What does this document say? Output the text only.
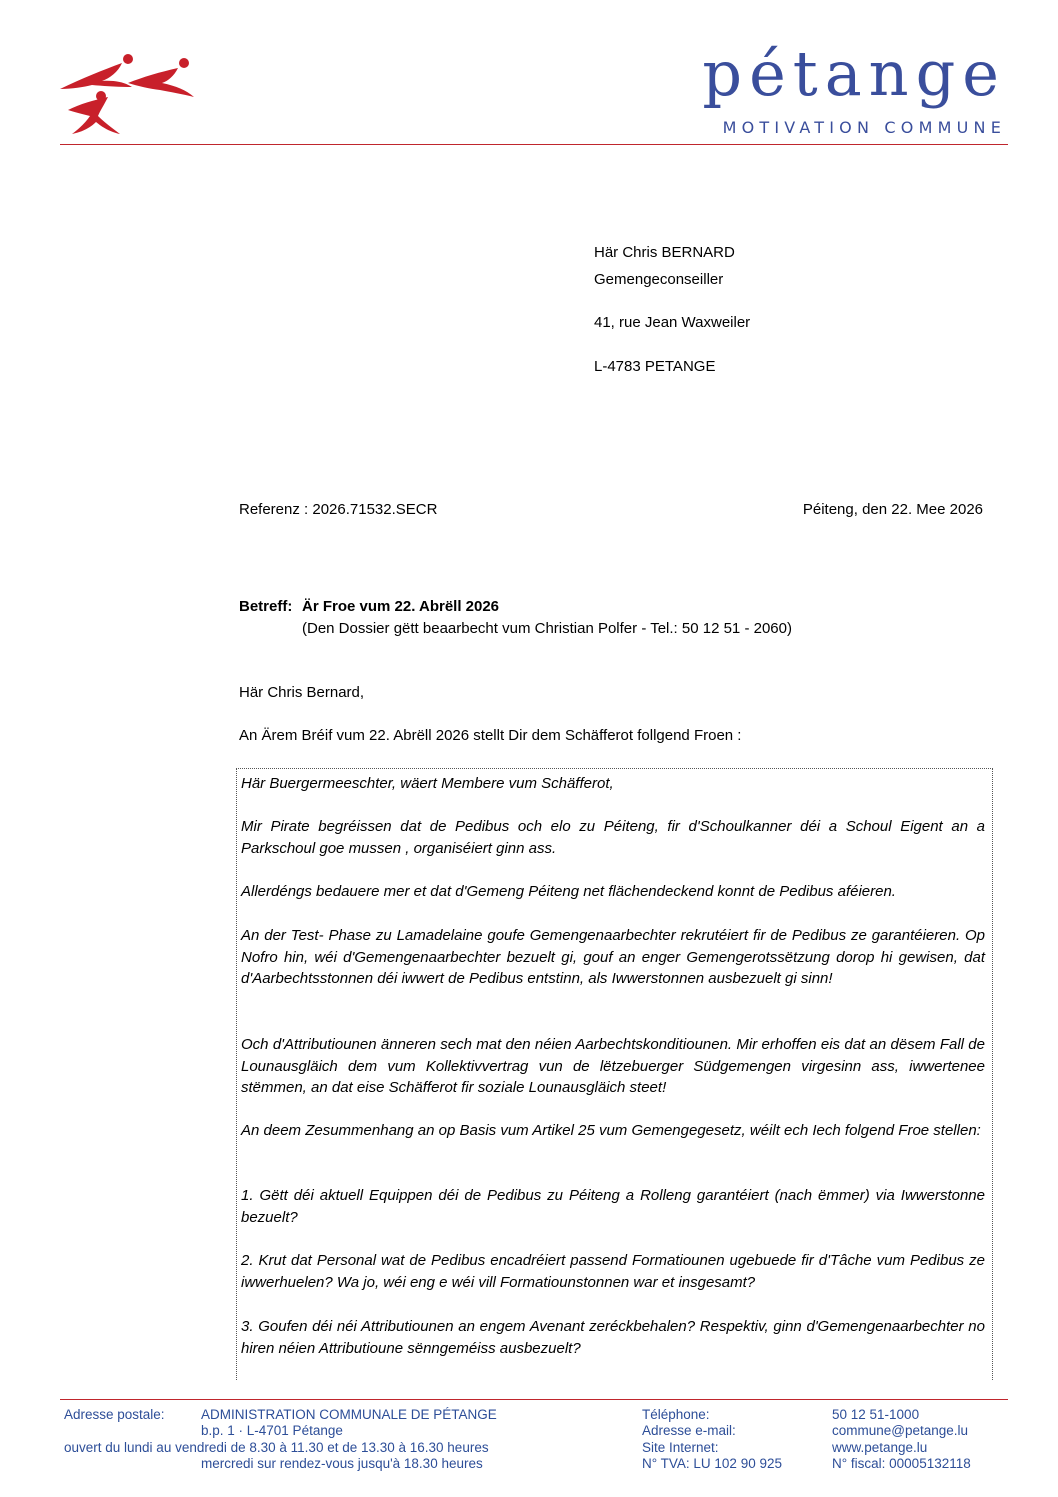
pétange
MOTIVATION COMMUNE
Här Chris BERNARD
Gemengeconseiller
41, rue Jean Waxweiler
L-4783 PETANGE
Referenz : 2026.71532.SECR	Péiteng, den 22. Mee 2026
Betreff: Är Froe vum 22. Abrëll 2026
(Den Dossier gëtt beaarbecht vum Christian Polfer - Tel.: 50 12 51 - 2060)
Här Chris Bernard,
An Ärem Bréif vum 22. Abrëll 2026 stellt Dir dem Schäfferot follgend Froen :

Här Buergermeeschter, wäert Membere vum Schäfferot,

Mir Pirate begréissen dat de Pedibus och elo zu Péiteng, fir d'Schoulkanner déi a Schoul Eigent an a Parkschoul goe mussen , organiséiert ginn ass.

Allerdéngs bedauere mer et dat d'Gemeng Péiteng net flächendeckend konnt de Pedibus aféieren.

An der Test- Phase zu Lamadelaine goufe Gemengenaarbechter rekrutéiert fir de Pedibus ze garantéieren. Op Nofro hin, wéi d'Gemengenaarbechter bezuelt gi, gouf an enger Gemengerotssëtzung dorop hi gewisen, dat d'Aarbechtsstonnen déi iwwert de Pedibus entstinn, als Iwwerstonnen ausbezuelt gi sinn!

Och d'Attributiounen änneren sech mat den néien Aarbechtskonditiounen. Mir erhoffen eis dat an dësem Fall de Lounausgläich dem vum Kollektivvertrag vun de lëtzebuerger Südgemengen virgesinn ass, iwwertenee stëmmen, an dat eise Schäfferot fir soziale Lounausgläich steet!

An deem Zesummenhang an op Basis vum Artikel 25 vum Gemengegesetz, wéilt ech Iech folgend Froe stellen:

1. Gëtt déi aktuell Equippen déi de Pedibus zu Péiteng a Rolleng garantéiert (nach ëmmer) via Iwwerstonne bezuelt?

2. Krut dat Personal wat de Pedibus encadréiert passend Formatiounen ugebuede fir d'Tâche vum Pedibus ze iwwerhuelen? Wa jo, wéi eng e wéi vill Formatiounstonnen war et insgesamt?

3. Goufen déi néi Attributiounen an engem Avenant zeréckbehalen? Respektiv, ginn d'Gemengenaarbechter no hiren néien Attributioune sënngeméiss ausbezuelt?

Adresse postale:	ADMINISTRATION COMMUNALE DE PÉTANGE
b.p. 1 · L-4701 Pétange
ouvert du lundi au vendredi de 8.30 à 11.30 et de 13.30 à 16.30 heures
mercredi sur rendez-vous jusqu'à 18.30 heures
Téléphone:
Adresse e-mail:
Site Internet:
N° TVA: LU 102 90 925
50 12 51-1000
commune@petange.lu
www.petange.lu
N° fiscal: 00005132118
